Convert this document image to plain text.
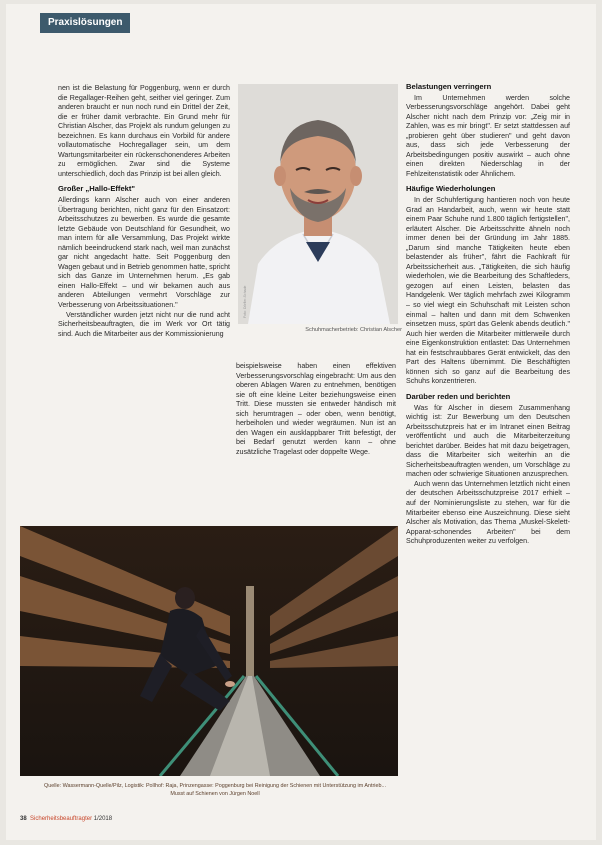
Praxislösungen

nen ist die Belastung für Poggenburg, wenn er durch die Regallager-Reihen geht, seither viel geringer. Zum anderen braucht er nun noch rund ein Drittel der Zeit, die er früher damit verbrachte. Ein Grund mehr für Christian Alscher, das Projekt als rundum gelungen zu bezeichnen. Es kann durchaus ein Vorbild für andere vollautomatische Hochregallager sein, um dem Wartungsmitarbeiter ein rückenschonenderes Arbeiten zu ermöglichen. Zwar sind die Systeme unterschiedlich, doch das Prinzip ist bei allen gleich.

Großer „Hallo-Effekt"

Allerdings kann Alscher auch von einer anderen Übertragung berichten, nicht ganz für den Einsatzort: Arbeitsschutzes zu bewerben. Es wurde die gesamte letzte Gebäude von Deutschland für Gesundheit, wo man intern für alle Versammlung, Das Projekt wirkte nämlich beeindruckend stark nach, weil man zunächst gar nicht angedacht hatte. Seit Poggenburg den Wagen gebaut und in Betrieb genommen hatte, spricht sich das Ganze im Unternehmen herum. „Es gab einen Hallo-Effekt – und wir bekamen auch aus anderen Abteilungen vermehrt Vorschläge zur Verbesserung von Arbeitssituationen."

Verständlicher wurden jetzt nicht nur die rund acht Sicherheitsbeauftragten, die im Werk vor Ort tätig sind. Auch die Mitarbeiter aus der Kommissionierung

Foto: Dörfler-Schade
Schuhmacherbetrieb: Christian Alscher

beispielsweise haben einen effektiven Verbesserungsvorschlag eingebracht: Um aus den oberen Ablagen Waren zu entnehmen, benötigen sie oft eine kleine Leiter beziehungsweise einen Tritt. Diese mussten sie entweder händisch mit sich herumtragen – oder oben, wenn benötigt, herbeiholen und wieder wegräumen. Nun ist an den Wagen ein ausklappbarer Tritt befestigt, der bei Bedarf genutzt werden kann – ohne zusätzliche Tragelast oder doppelte Wege.

Belastungen verringern

Im Unternehmen werden solche Verbesserungsvorschläge angehört. Dabei geht Alscher nicht nach dem Prinzip vor: „Zeig mir in Zahlen, was es mir bringt". Er setzt stattdessen auf „probieren geht über studieren" und geht davon aus, dass sich jede Verbesserung der Arbeitsbedingungen positiv auswirkt – auch ohne einen direkten Niederschlag in der Fehlzeitenstatistik oder Ähnlichem.

Häufige Wiederholungen

In der Schuhfertigung hantieren noch von heute Grad an Handarbeit, auch, wenn wir heute statt einem Paar Schuhe rund 1.800 täglich fertigstellen", erläutert Alscher. Die Arbeitsschritte ähneln noch immer denen bei der Gründung im Jahr 1885. „Darum sind manche Tätigkeiten heute eben belastender als früher", fährt die Fachkraft für Arbeitssicherheit aus. „Tätigkeiten, die sich häufig wiederholen, wie die Bearbeitung des Schaftleders, gezogen auf einen Leisten, belasten das Handgelenk. Wer täglich mehrfach zwei Kilogramm – so viel wiegt ein Schuhschaft mit Leisten schon einmal – halten und dann mit dem Schwenken einsetzen muss, spürt das Gelenk abends deutlich." Auch hier werden die Mitarbeiter mittlerweile durch eine Eigenkonstruktion entlastet: Das Unternehmen hat ein festschraubbares Gerät entwickelt, das den Part des Haltens übernimmt. Die Beschäftigten können sich so ganz auf die Bearbeitung des Schuhs konzentrieren.

Darüber reden und berichten

Was für Alscher in diesem Zusammenhang wichtig ist: Zur Bewerbung um den Deutschen Arbeitsschutzpreis hat er im Intranet einen Beitrag veröffentlicht und auch die Mitarbeiterzeitung berichtet darüber. Beides hat mit dazu beigetragen, dass die Mitarbeiter sich weiterhin an die Sicherheitsbeauftragten wenden, um Vorschläge zu machen oder schwierige Situationen anzusprechen.

Auch wenn das Unternehmen letztlich nicht einen der deutschen Arbeitsschutzpreise 2017 erhielt – auf der Nominierungsliste zu stehen, war für die Mitarbeiter ebenso eine Auszeichnung. Diese sieht Alscher als Motivation, das Thema „Muskel-Skelett-Apparat-schonendes Arbeiten" bei dem Schuhproduzenten weiter zu verfolgen.

Quelle: Wassermann-Quelle/Pilz, Logistik: Pollhof: Raja, Prinzengasse: Poggenburg bei Reinigung der Schienen mit Unterstützung im Antrieb...
Musst auf Schienen von Jürgen Noell
38 Sicherheitsbeauftragter 1/2018
